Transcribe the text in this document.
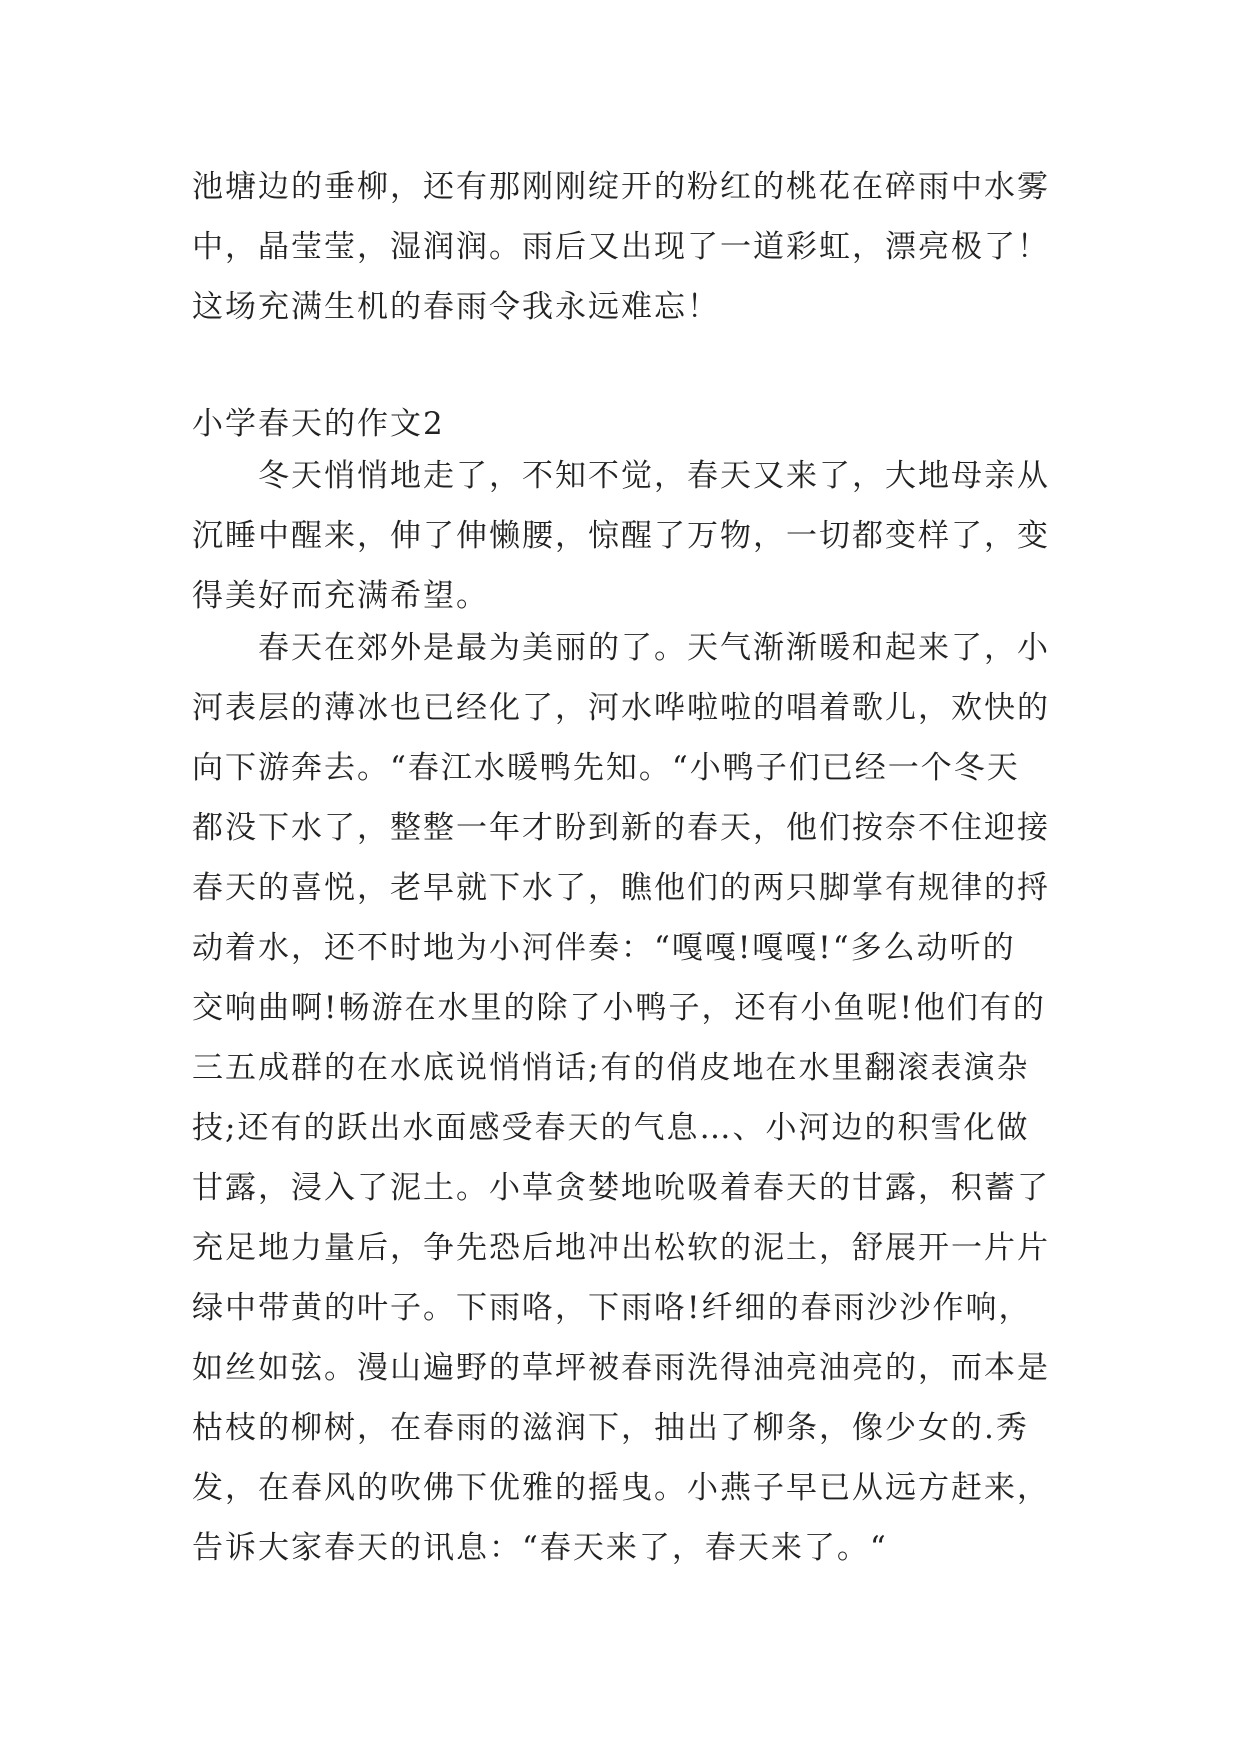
池塘边的垂柳，还有那刚刚绽开的粉红的桃花在碎雨中水雾
中，晶莹莹，湿润润。雨后又出现了一道彩虹，漂亮极了！
这场充满生机的春雨令我永远难忘！
小学春天的作文2
　　冬天悄悄地走了，不知不觉，春天又来了，大地母亲从
沉睡中醒来，伸了伸懒腰，惊醒了万物，一切都变样了，变
得美好而充满希望。
　　春天在郊外是最为美丽的了。天气渐渐暖和起来了，小
河表层的薄冰也已经化了，河水哗啦啦的唱着歌儿，欢快的
向下游奔去。“春江水暖鸭先知。“小鸭子们已经一个冬天
都没下水了，整整一年才盼到新的春天，他们按奈不住迎接
春天的喜悦，老早就下水了，瞧他们的两只脚掌有规律的捋
动着水，还不时地为小河伴奏：“嘎嘎!嘎嘎!“多么动听的
交响曲啊!畅游在水里的除了小鸭子，还有小鱼呢!他们有的
三五成群的在水底说悄悄话;有的俏皮地在水里翻滚表演杂
技;还有的跃出水面感受春天的气息…、小河边的积雪化做
甘露，浸入了泥土。小草贪婪地吮吸着春天的甘露，积蓄了
充足地力量后，争先恐后地冲出松软的泥土，舒展开一片片
绿中带黄的叶子。下雨咯，下雨咯!纤细的春雨沙沙作响，
如丝如弦。漫山遍野的草坪被春雨洗得油亮油亮的，而本是
枯枝的柳树，在春雨的滋润下，抽出了柳条，像少女的.秀
发，在春风的吹佛下优雅的摇曳。小燕子早已从远方赶来，
告诉大家春天的讯息：“春天来了，春天来了。“
